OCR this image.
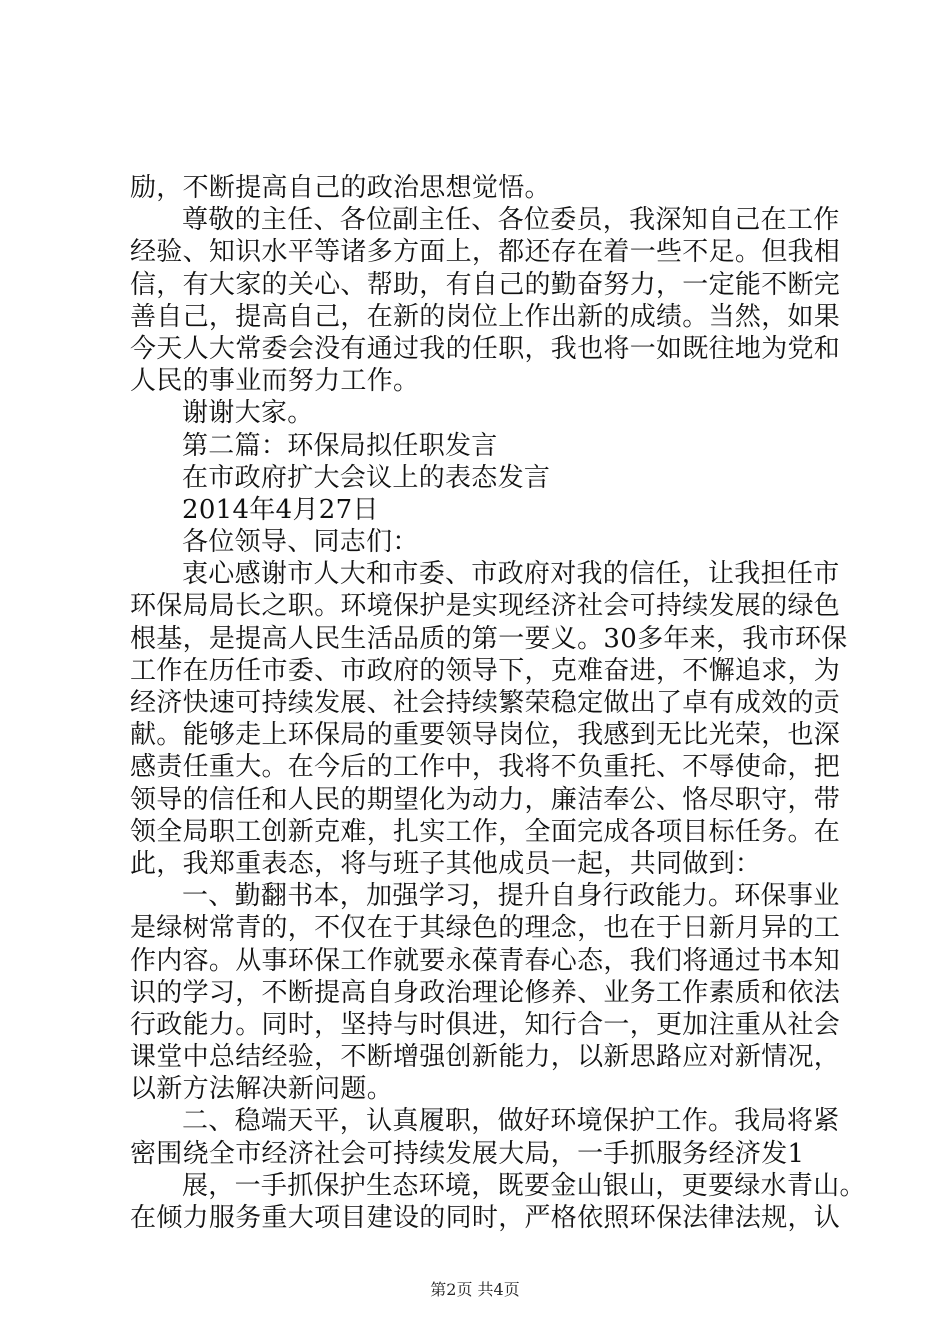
励，不断提高自己的政治思想觉悟。
尊敬的主任、各位副主任、各位委员，我深知自己在工作
经验、知识水平等诸多方面上，都还存在着一些不足。但我相
信，有大家的关心、帮助，有自己的勤奋努力，一定能不断完
善自己，提高自己，在新的岗位上作出新的成绩。当然，如果
今天人大常委会没有通过我的任职，我也将一如既往地为党和
人民的事业而努力工作。
谢谢大家。
第二篇：环保局拟任职发言
在市政府扩大会议上的表态发言
2014年4月27日
各位领导、同志们：
衷心感谢市人大和市委、市政府对我的信任，让我担任市
环保局局长之职。环境保护是实现经济社会可持续发展的绿色
根基，是提高人民生活品质的第一要义。30多年来，我市环保
工作在历任市委、市政府的领导下，克难奋进，不懈追求，为
经济快速可持续发展、社会持续繁荣稳定做出了卓有成效的贡
献。能够走上环保局的重要领导岗位，我感到无比光荣，也深
感责任重大。在今后的工作中，我将不负重托、不辱使命，把
领导的信任和人民的期望化为动力，廉洁奉公、恪尽职守，带
领全局职工创新克难，扎实工作，全面完成各项目标任务。在
此，我郑重表态，将与班子其他成员一起，共同做到：
一、勤翻书本，加强学习，提升自身行政能力。环保事业
是绿树常青的，不仅在于其绿色的理念，也在于日新月异的工
作内容。从事环保工作就要永葆青春心态，我们将通过书本知
识的学习，不断提高自身政治理论修养、业务工作素质和依法
行政能力。同时，坚持与时俱进，知行合一，更加注重从社会
课堂中总结经验，不断增强创新能力，以新思路应对新情况，
以新方法解决新问题。
二、稳端天平，认真履职，做好环境保护工作。我局将紧
密围绕全市经济社会可持续发展大局，一手抓服务经济发1
展，一手抓保护生态环境，既要金山银山，更要绿水青山。
在倾力服务重大项目建设的同时，严格依照环保法律法规，认
第2页 共4页
